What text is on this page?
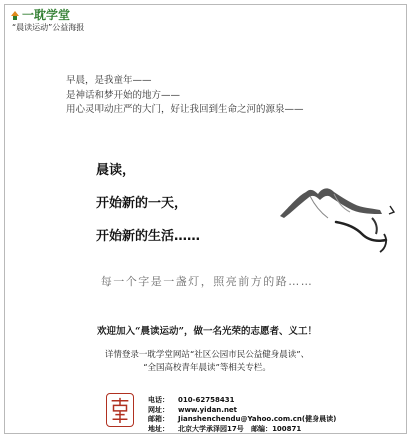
一耽学堂
“晨读运动”公益海报
早晨，是我童年——
是神话和梦开始的地方——
用心灵叩动庄严的大门，好让我回到生命之河的源泉——
晨读，
开始新的一天，
开始新的生活……
每一个字是一盏灯，照亮前方的路……
欢迎加入“晨读运动”，做一名光荣的志愿者、义工！
详情登录一耽学堂网站“社区公园市民公益健身晨读”、
“全国高校青年晨读”等相关专栏。
电话： 010-62758431
网址： www.yidan.net
邮箱： Jianshenchendu@Yahoo.com.cn(健身晨读)
地址： 北京大学承泽园17号 邮编：100871
